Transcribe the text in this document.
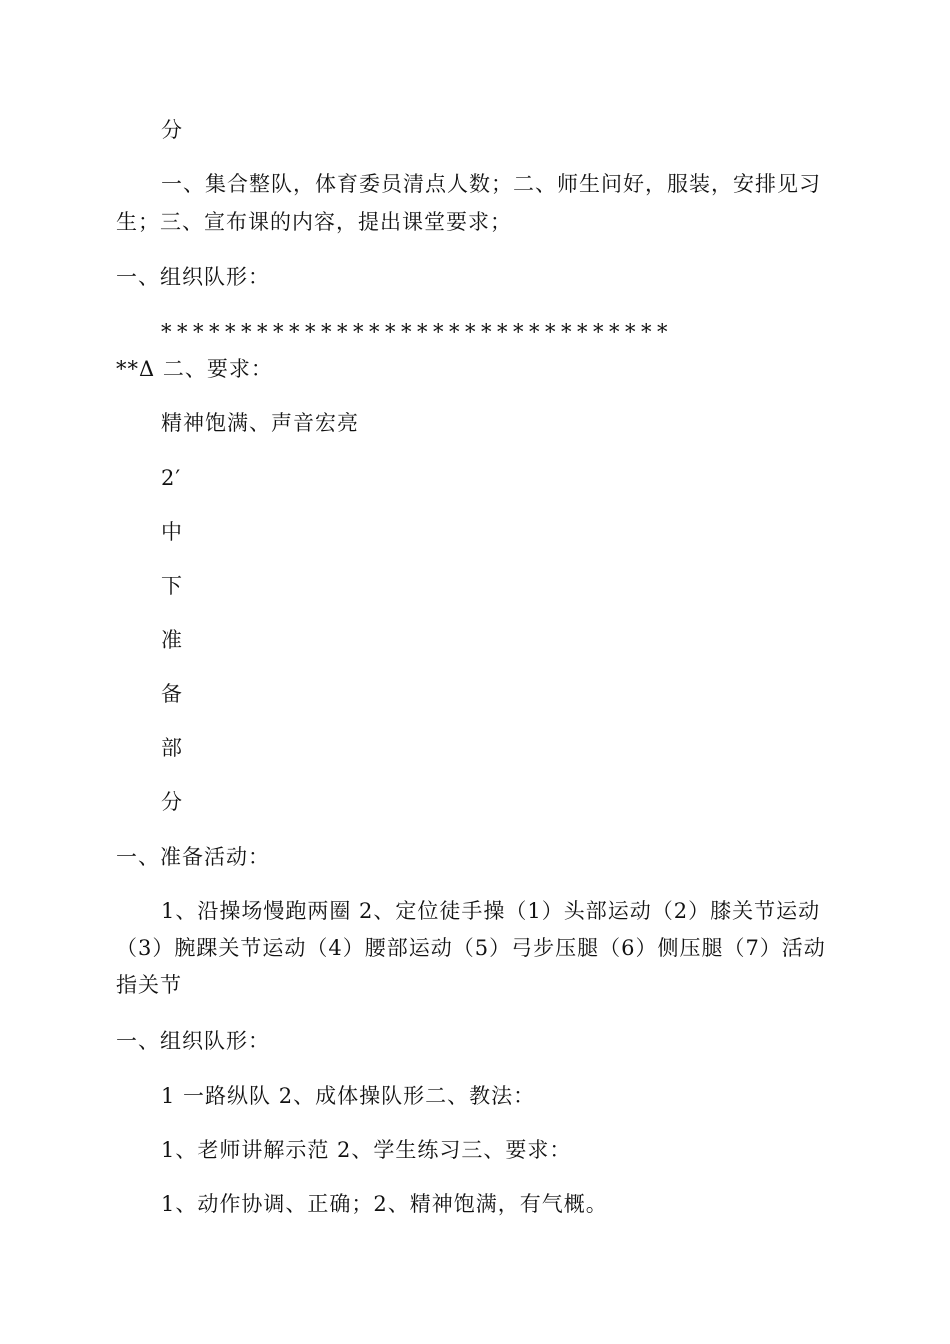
分
一、集合整队，体育委员清点人数；二、师生问好，服装，安排见习
生；三、宣布课的内容，提出课堂要求；
一、组织队形：
********************************
**Δ 二、要求：
精神饱满、声音宏亮
2′
中
下
准
备
部
分
一、准备活动：
1、沿操场慢跑两圈 2、定位徒手操（1）头部运动（2）膝关节运动
（3）腕踝关节运动（4）腰部运动（5）弓步压腿（6）侧压腿（7）活动
指关节
一、组织队形：
1 一路纵队 2、成体操队形二、教法：
1、老师讲解示范 2、学生练习三、要求：
1、动作协调、正确；2、精神饱满，有气概。
